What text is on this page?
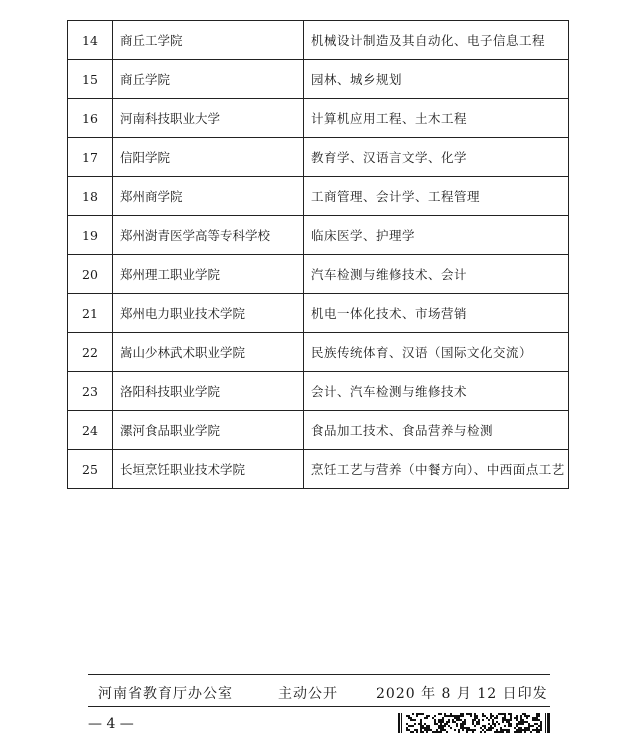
14	商丘工学院	机械设计制造及其自动化、电子信息工程
15	商丘学院	园林、城乡规划
16	河南科技职业大学	计算机应用工程、土木工程
17	信阳学院	教育学、汉语言文学、化学
18	郑州商学院	工商管理、会计学、工程管理
19	郑州澍青医学高等专科学校	临床医学、护理学
20	郑州理工职业学院	汽车检测与维修技术、会计
21	郑州电力职业技术学院	机电一体化技术、市场营销
22	嵩山少林武术职业学院	民族传统体育、汉语（国际文化交流）
23	洛阳科技职业学院	会计、汽车检测与维修技术
24	漯河食品职业学院	食品加工技术、食品营养与检测
25	长垣烹饪职业技术学院	烹饪工艺与营养（中餐方向）、中西面点工艺
河南省教育厅办公室	主动公开	2020 年 8 月 12 日印发
— 4 —
